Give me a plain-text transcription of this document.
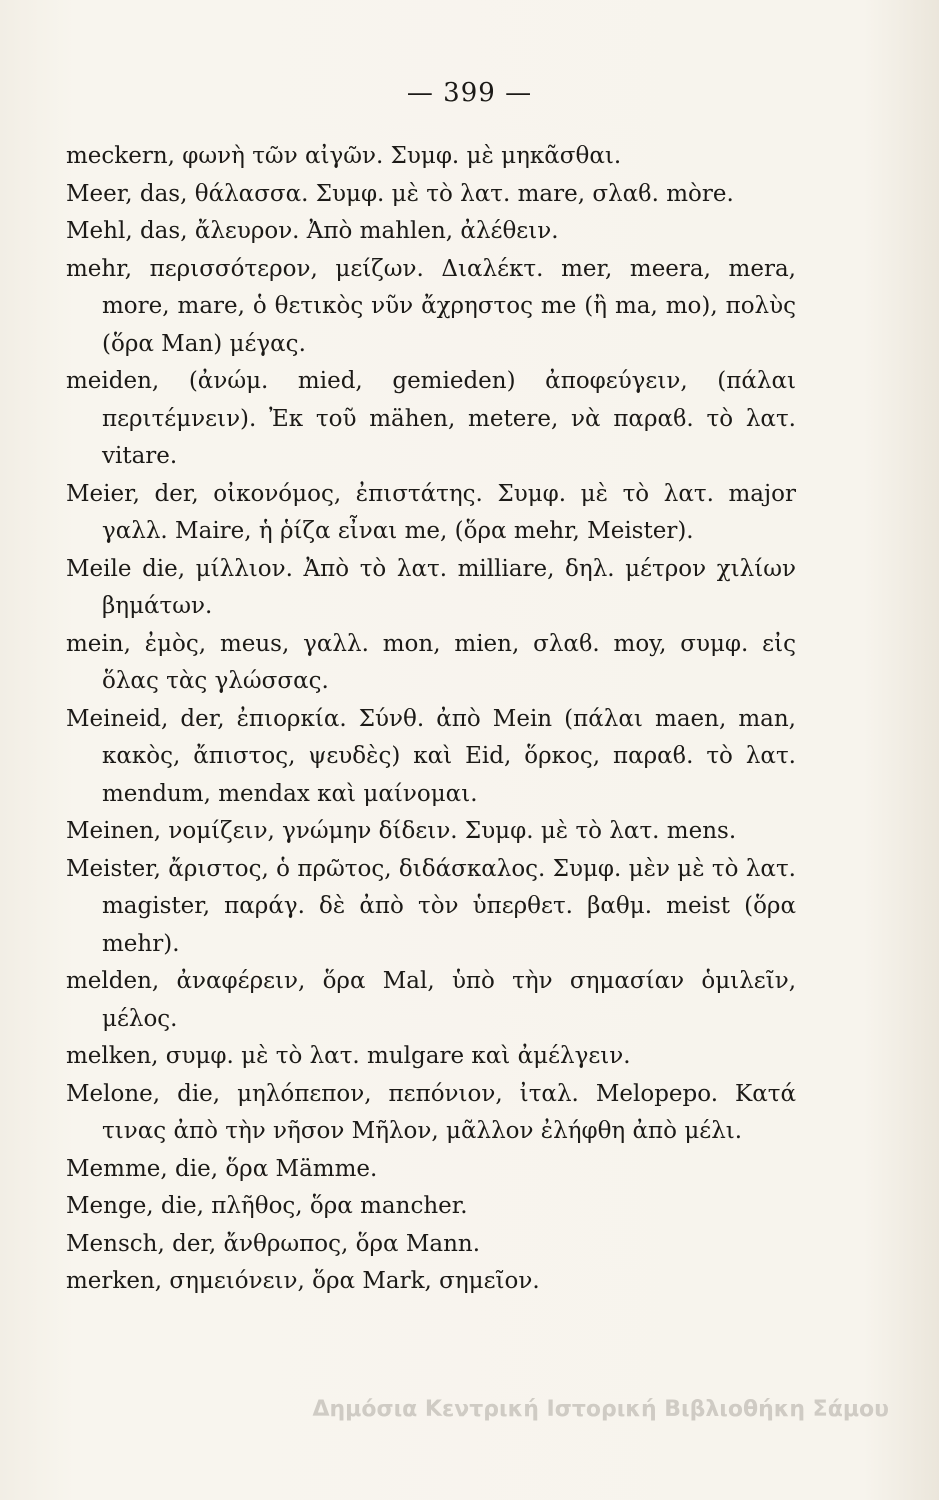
— 399 —

meckern, φωνὴ τῶν αἰγῶν. Συμφ. μὲ μηκᾶσθαι.

Meer, das, θάλασσα. Συμφ. μὲ τὸ λατ. mare, σλαϐ. mòre.

Mehl, das, ἄλευρον. Ἀπὸ mahlen, ἀλέθειν.

mehr, περισσότερον, μείζων. Διαλέκτ. mer, meera, mera, more, mare, ὁ θετικὸς νῦν ἄχρηστος me (ἢ ma, mo), πολὺς (ὅρα Man) μέγας.

meiden, (ἀνώμ. mied, gemieden) ἀποφεύγειν, (πάλαι περιτέμνειν). Ἐκ τοῦ mähen, metere, νὰ παραϐ. τὸ λατ. vitare.

Meier, der, οἰκονόμος, ἐπιστάτης. Συμφ. μὲ τὸ λατ. major γαλλ. Maire, ἡ ῥίζα εἶναι me, (ὅρα mehr, Meister).

Meile die, μίλλιον. Ἀπὸ τὸ λατ. milliare, δηλ. μέτρον χιλίων βημάτων.

mein, ἐμὸς, meus, γαλλ. mon, mien, σλαϐ. moy, συμφ. εἰς ὅλας τὰς γλώσσας.

Meineid, der, ἐπιορκία. Σύνθ. ἀπὸ Mein (πάλαι maen, man, κακὸς, ἄπιστος, ψευδὲς) καὶ Eid, ὅρκος, παραϐ. τὸ λατ. mendum, mendax καὶ μαίνομαι.

Meinen, νομίζειν, γνώμην δίδειν. Συμφ. μὲ τὸ λατ. mens.

Meister, ἄριστος, ὁ πρῶτος, διδάσκαλος. Συμφ. μὲν μὲ τὸ λατ. magister, παράγ. δὲ ἀπὸ τὸν ὑπερθετ. βαθμ. meist (ὅρα mehr).

melden, ἀναφέρειν, ὅρα Mal, ὑπὸ τὴν σημασίαν ὁμιλεῖν, μέλος.

melken, συμφ. μὲ τὸ λατ. mulgare καὶ ἀμέλγειν.

Melone, die, μηλόπεπον, πεπόνιον, ἰταλ. Melopepo. Κατά τινας ἀπὸ τὴν νῆσον Μῆλον, μᾶλλον ἐλήφθη ἀπὸ μέλι.

Memme, die, ὅρα Mämme.

Menge, die, πλῆθος, ὅρα mancher.

Mensch, der, ἄνθρωπος, ὅρα Mann.

merken, σημειόνειν, ὅρα Mark, σημεῖον.

Δημόσια Κεντρική Ιστορική Βιβλιοθήκη Σάμου
